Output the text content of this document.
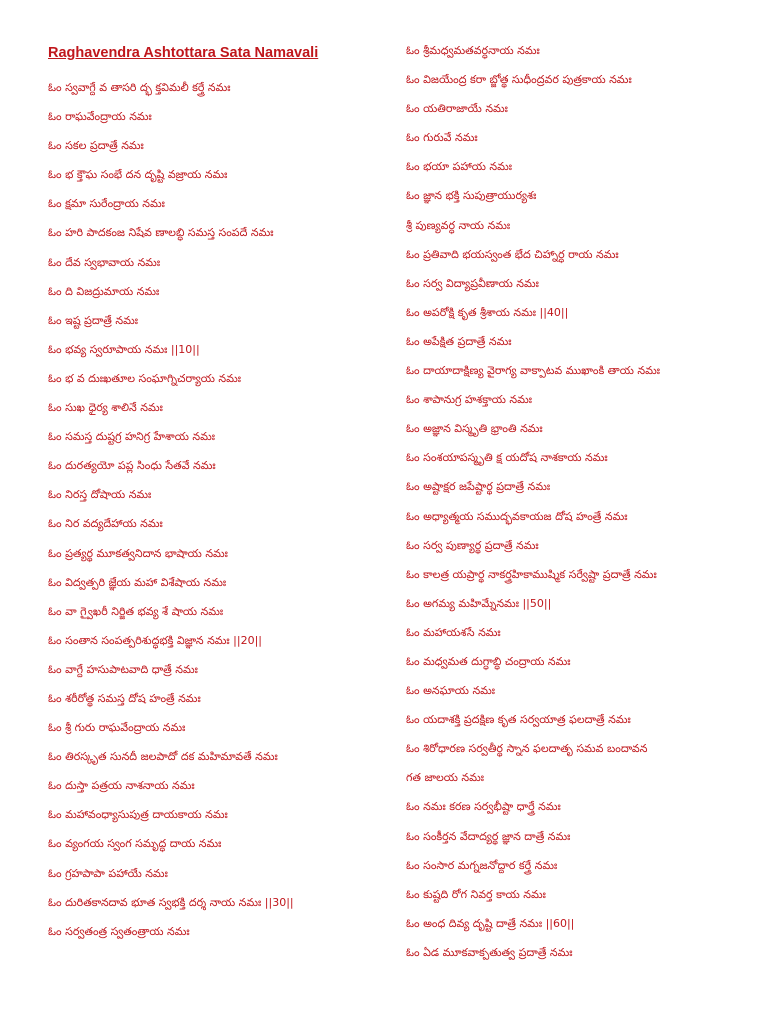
Raghavendra Ashtottara Sata Namavali
ఓం స్వవాగ్దే వ తాసరి ద్భ క్తవిమలీ కర్త్రే నమః
ఓం రాఘవేంద్రాయ నమః
ఓం సకల ప్రదాత్రే నమః
ఓం భ క్తౌఘ సంభే దన దృష్టి వజ్రాయ నమః
ఓం క్షమా సురేంద్రాయ నమః
ఓం హరి పాదకంజ నిషేవ ణాలబ్ధి సమస్త సంపదే నమః
ఓం దేవ స్వభావాయ నమః
ఓం ది విజద్రుమాయ నమః
ఓం ఇష్ట ప్రదాత్రే నమః
ఓం భవ్య స్వరూపాయ నమః ||10||
ఓం భ వ దుఃఖతూల సంఘాగ్నిచర్యాయ నమః
ఓం సుఖ ధైర్య శాలినే నమః
ఓం సమస్త దుష్టగ్ర హనిగ్ర హేశాయ నమః
ఓం దురత్యయో పప్ల సింధు సేతవే నమః
ఓం నిరస్త దోషాయ నమః
ఓం నిర వద్యదేహాయ నమః
ఓం ప్రత్యర్థ మూకత్వనిదాన భాషాయ నమః
ఓం విద్వత్పరి జ్ఞేయ మహా విశేషాయ నమః
ఓం వా గ్వైఖరీ నిర్జిత భవ్య శే షాయ నమః
ఓం సంతాన సంపత్పరిశుద్ధభక్తి విజ్ఞాన నమః ||20||
ఓం వాగ్దే హసుపాటవాది ధాత్రే నమః
ఓం శరీరోత్థ సమస్త దోష హంత్రే నమః
ఓం శ్రీ గురు రాఘవేంద్రాయ నమః
ఓం తిరస్కృత సునదీ జలపాదో దక మహిమావతే నమః
ఓం దుస్తా పత్రయ నాశనాయ నమః
ఓం మహావంధ్యాసుపుత్ర దాయకాయ నమః
ఓం వ్యంగయ స్వంగ సమృద్ధ దాయ నమః
ఓం గ్రహపాపా పహాయే నమః
ఓం దురితకానదావ భూత స్వభక్తి దర్శ నాయ నమః ||30||
ఓం సర్వతంత్ర స్వతంత్రాయ నమః
ఓం శ్రీమధ్వమతవర్ధనాయ నమః
ఓం విజయేంద్ర కరా బ్జోత్థ సుధీంద్రవర పుత్రకాయ నమః
ఓం యతిరాజాయే నమః
ఓం గురువే నమః
ఓం భయా పహాయ నమః
ఓం జ్ఞాన భక్తి సుపుత్రాయుర్యశః
శ్రీ పుణ్యవర్ధ నాయ నమః
ఓం ప్రతివాది భయస్వంత భేద చిహ్నార్ధ రాయ నమః
ఓం సర్వ విద్యాప్రవీణాయ నమః
ఓం అపరోక్షి కృత శ్రీశాయ నమః ||40||
ఓం అపేక్షిత ప్రదాత్రే నమః
ఓం దాయాదాక్షిణ్య వైరాగ్య వాక్పాటవ ముఖాంకి తాయ నమః
ఓం శాపానుగ్ర హశక్తాయ నమః
ఓం అజ్ఞాన విస్మృతి భ్రాంతి నమః
ఓం సంశయాపస్మృతి క్ష యదోష నాశకాయ నమః
ఓం అష్టాక్షర జపేష్టార్థ ప్రదాత్రే నమః
ఓం అధ్యాత్మయ సముద్భవకాయజ దోష హంత్రే నమః
ఓం సర్వ పుణ్యార్థ ప్రదాత్రే నమః
ఓం కాలత్ర యప్రార్థ నాకర్త్రహికాముష్మిక సర్వేష్టా ప్రదాత్రే నమః
ఓం అగమ్య మహిమ్నేనమః ||50||
ఓం మహాయశసే నమః
ఓం మధ్వమత దుగ్ధాబ్ధి చంద్రాయ నమః
ఓం అనఘాయ నమః
ఓం యదాశక్తి ప్రదక్షిణ కృత సర్వయాత్ర ఫలదాత్రే నమః
ఓం శిరోధారణ సర్వతీర్థ స్నాన ఫలదాతృ సమవ బందావన
గత జాలయ నమః
ఓం నమః కరణ సర్వభీష్టా ధార్త్రే నమః
ఓం సంకీర్తన వేదాద్యర్థ జ్ఞాన దాత్రే నమః
ఓం సంసార మగ్నజనోద్దార కర్త్రే నమః
ఓం కుష్టది రోగ నివర్త కాయ నమః
ఓం అంధ దివ్య దృష్టి దాత్రే నమః ||60||
ఓం ఏడ మూకవాక్పతుత్వ ప్రదాత్రే నమః
